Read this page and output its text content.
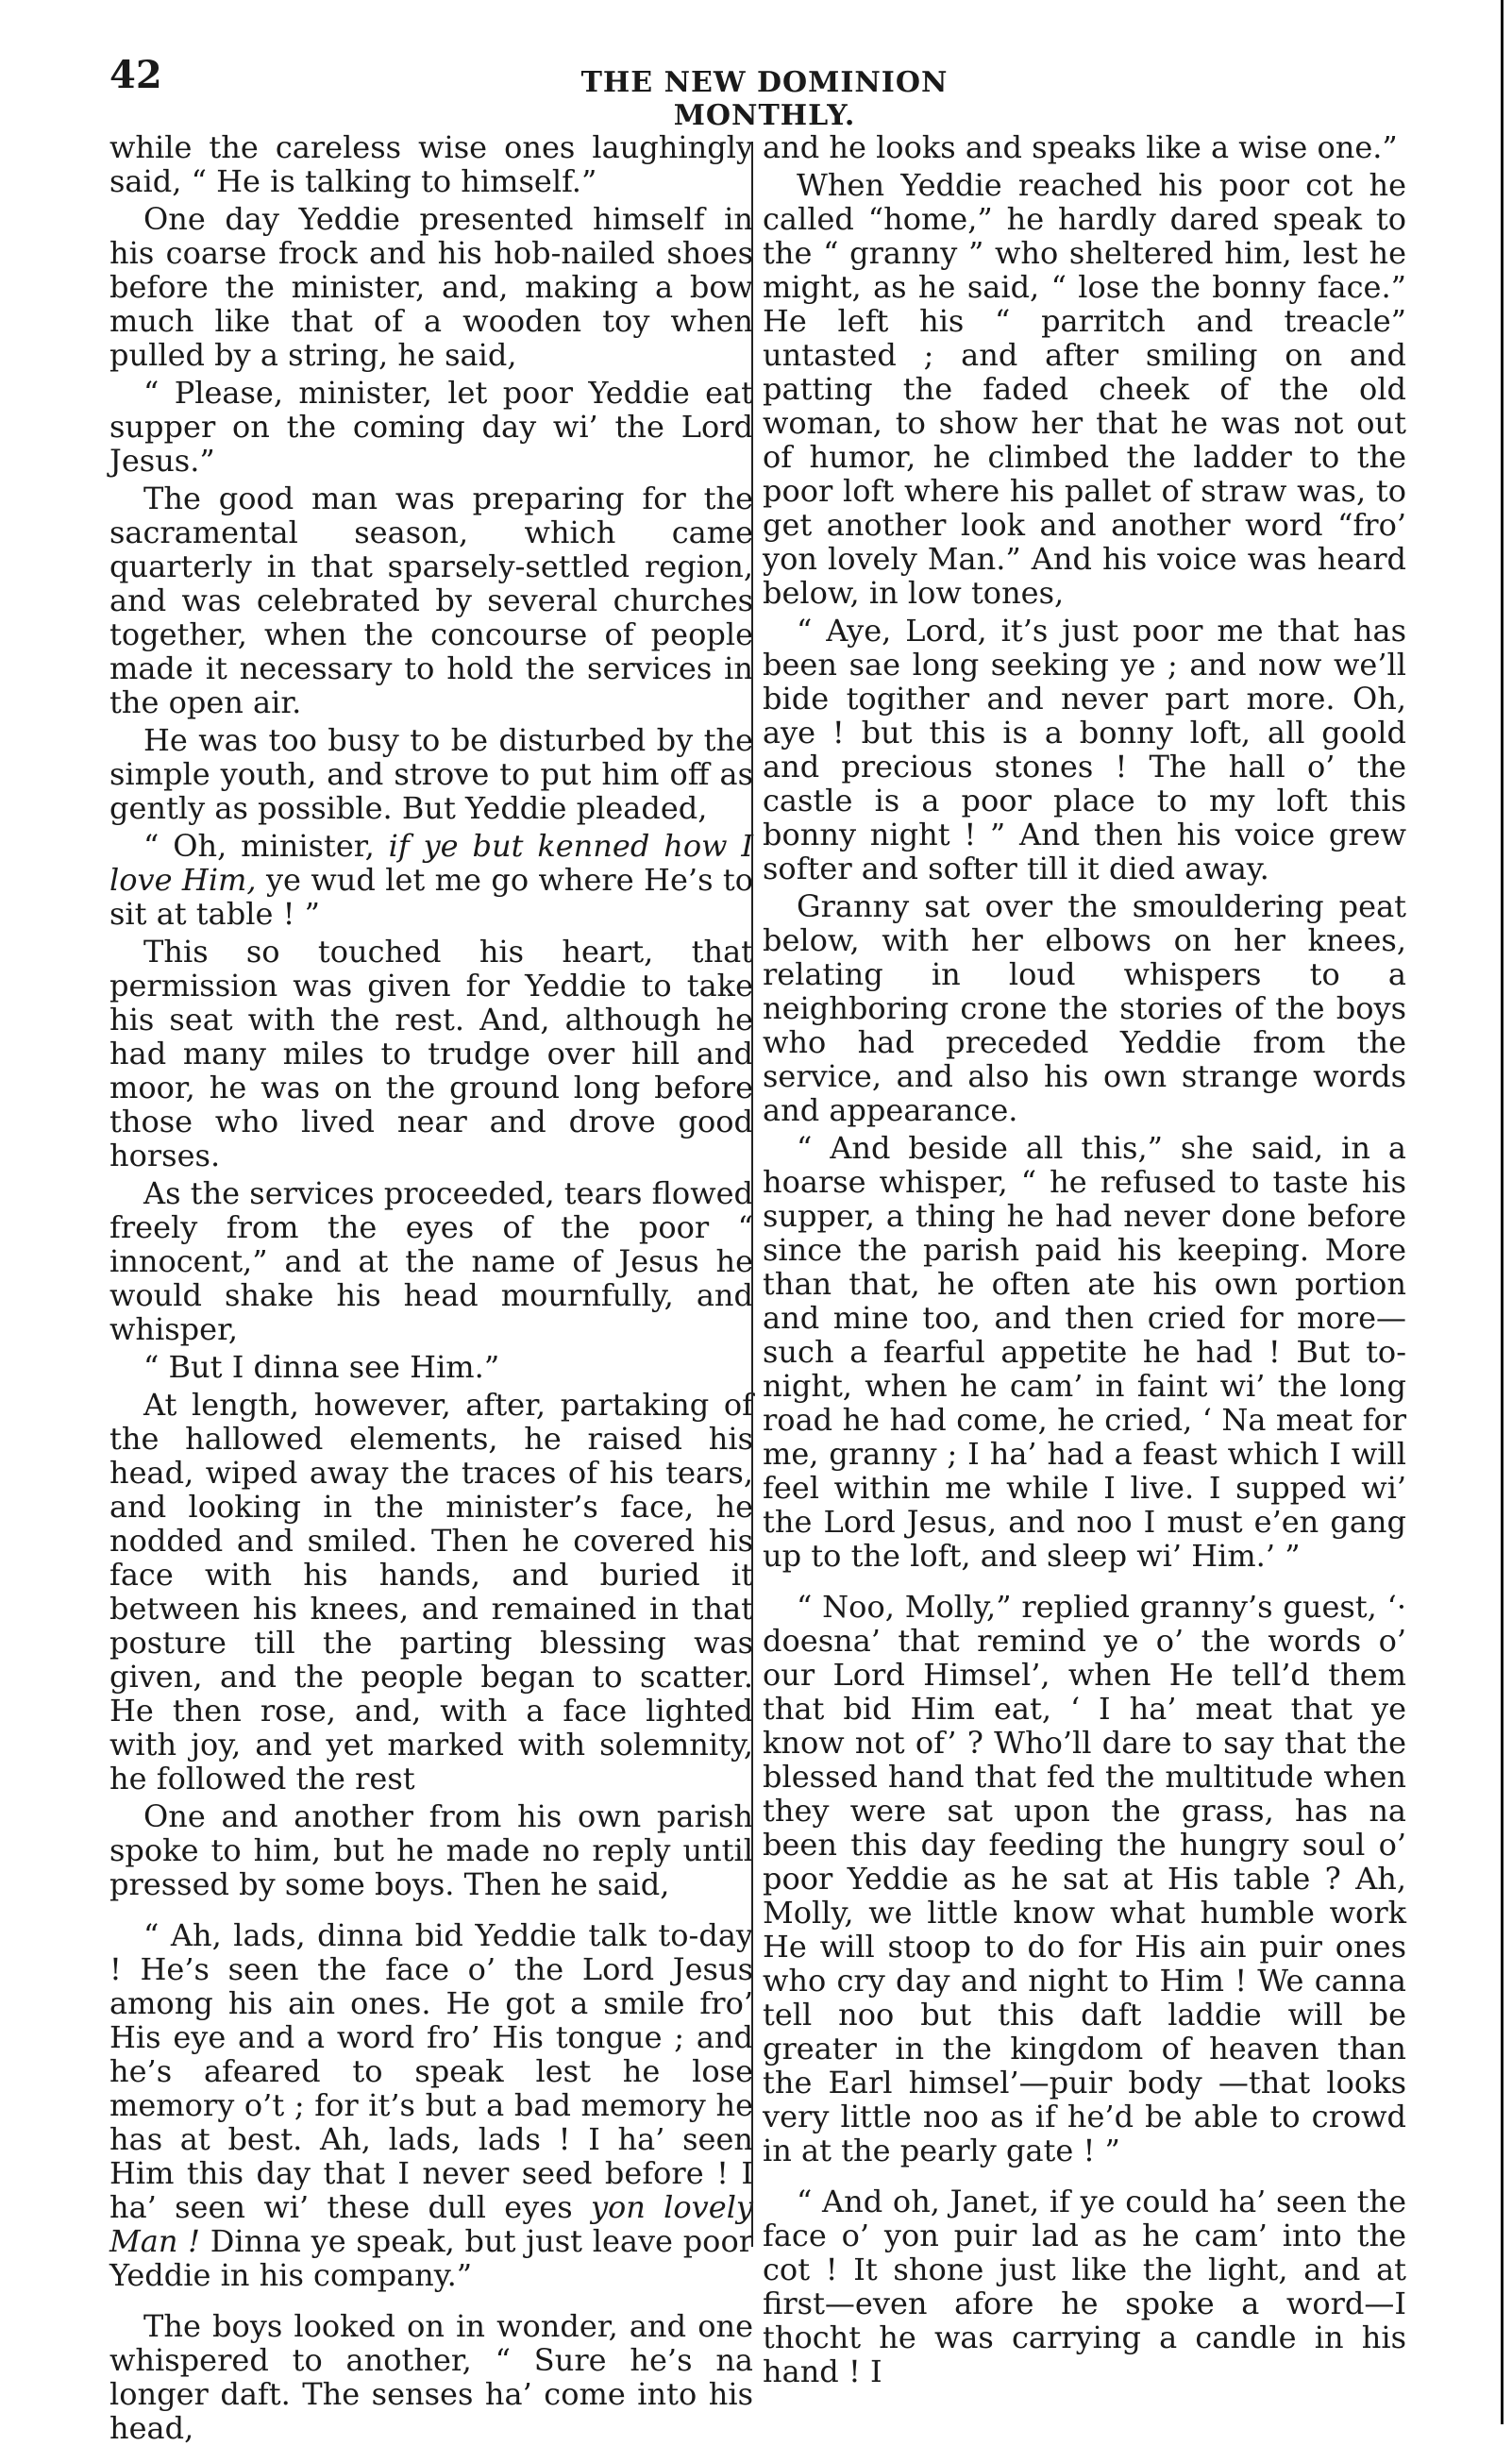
42	THE NEW DOMINION MONTHLY.

while the careless wise ones laughingly said, “ He is talking to himself.”

One day Yeddie presented himself in his coarse frock and his hob-nailed shoes before the minister, and, making a bow much like that of a wooden toy when pulled by a string, he said,

“ Please, minister, let poor Yeddie eat supper on the coming day wi’ the Lord Jesus.”

The good man was preparing for the sacramental season, which came quarterly in that sparsely-settled region, and was celebrated by several churches together, when the concourse of people made it necessary to hold the services in the open air.

He was too busy to be disturbed by the simple youth, and strove to put him off as gently as possible. But Yeddie pleaded,

“ Oh, minister, if ye but kenned how I love Him, ye wud let me go where He’s to sit at table ! ”

This so touched his heart, that permission was given for Yeddie to take his seat with the rest. And, although he had many miles to trudge over hill and moor, he was on the ground long before those who lived near and drove good horses.

As the services proceeded, tears flowed freely from the eyes of the poor “ innocent,” and at the name of Jesus he would shake his head mournfully, and whisper,

“ But I dinna see Him.”

At length, however, after, partaking of the hallowed elements, he raised his head, wiped away the traces of his tears, and looking in the minister’s face, he nodded and smiled. Then he covered his face with his hands, and buried it between his knees, and remained in that posture till the parting blessing was given, and the people began to scatter. He then rose, and, with a face lighted with joy, and yet marked with solemnity, he followed the rest

One and another from his own parish spoke to him, but he made no reply until pressed by some boys. Then he said,

“ Ah, lads, dinna bid Yeddie talk to-day ! He’s seen the face o’ the Lord Jesus among his ain ones. He got a smile fro’ His eye and a word fro’ His tongue ; and he’s afeared to speak lest he lose memory o’t ; for it’s but a bad memory he has at best. Ah, lads, lads ! I ha’ seen Him this day that I never seed before ! I ha’ seen wi’ these dull eyes yon lovely Man ! Dinna ye speak, but just leave poor Yeddie in his company.”

The boys looked on in wonder, and one whispered to another, “ Sure he’s na longer daft. The senses ha’ come into his head,

and he looks and speaks like a wise one.”

When Yeddie reached his poor cot he called “home,” he hardly dared speak to the “ granny ” who sheltered him, lest he might, as he said, “ lose the bonny face.” He left his “ parritch and treacle” untasted ; and after smiling on and patting the faded cheek of the old woman, to show her that he was not out of humor, he climbed the ladder to the poor loft where his pallet of straw was, to get another look and another word “fro’ yon lovely Man.” And his voice was heard below, in low tones,

“ Aye, Lord, it’s just poor me that has been sae long seeking ye ; and now we’ll bide togither and never part more. Oh, aye ! but this is a bonny loft, all goold and precious stones ! The hall o’ the castle is a poor place to my loft this bonny night ! ” And then his voice grew softer and softer till it died away.

Granny sat over the smouldering peat below, with her elbows on her knees, relating in loud whispers to a neighboring crone the stories of the boys who had preceded Yeddie from the service, and also his own strange words and appearance.

“ And beside all this,” she said, in a hoarse whisper, “ he refused to taste his supper, a thing he had never done before since the parish paid his keeping. More than that, he often ate his own portion and mine too, and then cried for more—such a fearful appetite he had ! But to-night, when he cam’ in faint wi’ the long road he had come, he cried, ‘ Na meat for me, granny ; I ha’ had a feast which I will feel within me while I live. I supped wi’ the Lord Jesus, and noo I must e’en gang up to the loft, and sleep wi’ Him.’ ”

“ Noo, Molly,” replied granny’s guest, ‘· doesna’ that remind ye o’ the words o’ our Lord Himsel’, when He tell’d them that bid Him eat, ‘ I ha’ meat that ye know not of’ ? Who’ll dare to say that the blessed hand that fed the multitude when they were sat upon the grass, has na been this day feeding the hungry soul o’ poor Yeddie as he sat at His table ? Ah, Molly, we little know what humble work He will stoop to do for His ain puir ones who cry day and night to Him ! We canna tell noo but this daft laddie will be greater in the kingdom of heaven than the Earl himsel’—puir body —that looks very little noo as if he’d be able to crowd in at the pearly gate ! ”

“ And oh, Janet, if ye could ha’ seen the face o’ yon puir lad as he cam’ into the cot ! It shone just like the light, and at first—even afore he spoke a word—I thocht he was carrying a candle in his hand ! I
